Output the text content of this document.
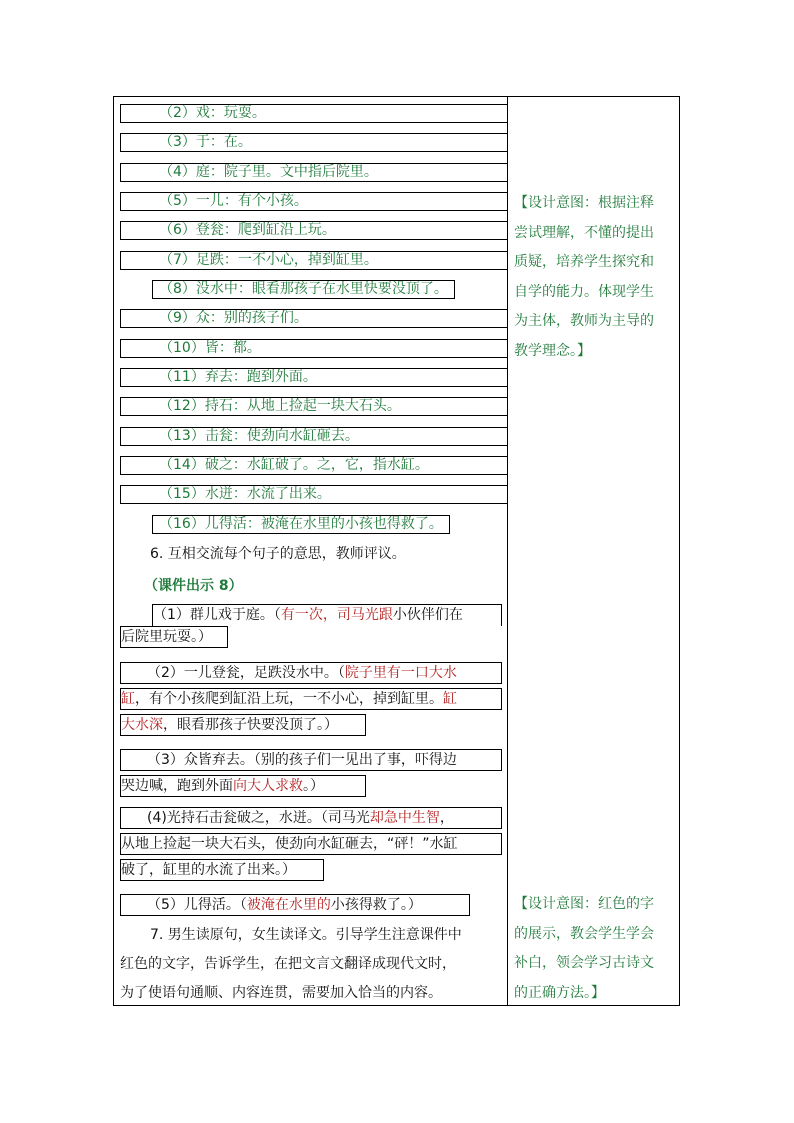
（2）戏：玩耍。
（3）于：在。
（4）庭：院子里。文中指后院里。
（5）一儿：有个小孩。
（6）登瓮：爬到缸沿上玩。
（7）足跌：一不小心，掉到缸里。
（8）没水中：眼看那孩子在水里快要没顶了。
（9）众：别的孩子们。
（10）皆：都。
（11）弃去：跑到外面。
（12）持石：从地上捡起一块大石头。
（13）击瓮：使劲向水缸砸去。
（14）破之：水缸破了。之，它，指水缸。
（15）水迸：水流了出来。
（16）儿得活：被淹在水里的小孩也得救了。
6. 互相交流每个句子的意思，教师评议。
（课件出示 8）
（1）群儿戏于庭。（有一次，司马光跟小伙伴们在
后院里玩耍。）
（2）一儿登瓮，足跌没水中。（院子里有一口大水
缸，有个小孩爬到缸沿上玩，一不小心，掉到缸里。缸
大水深，眼看那孩子快要没顶了。）
（3）众皆弃去。（别的孩子们一见出了事，吓得边
哭边喊，跑到外面向大人求救。）
(4)光持石击瓮破之，水迸。（司马光却急中生智，
从地上捡起一块大石头，使劲向水缸砸去，“砰！”水缸
破了，缸里的水流了出来。）
（5）儿得活。（被淹在水里的小孩得救了。）
7. 男生读原句，女生读译文。引导学生注意课件中
红色的文字，告诉学生，在把文言文翻译成现代文时，
为了使语句通顺、内容连贯，需要加入恰当的内容。
【设计意图：根据注释
尝试理解，不懂的提出
质疑，培养学生探究和
自学的能力。体现学生
为主体，教师为主导的
教学理念。】
【设计意图：红色的字
的展示，教会学生学会
补白，领会学习古诗文
的正确方法。】
